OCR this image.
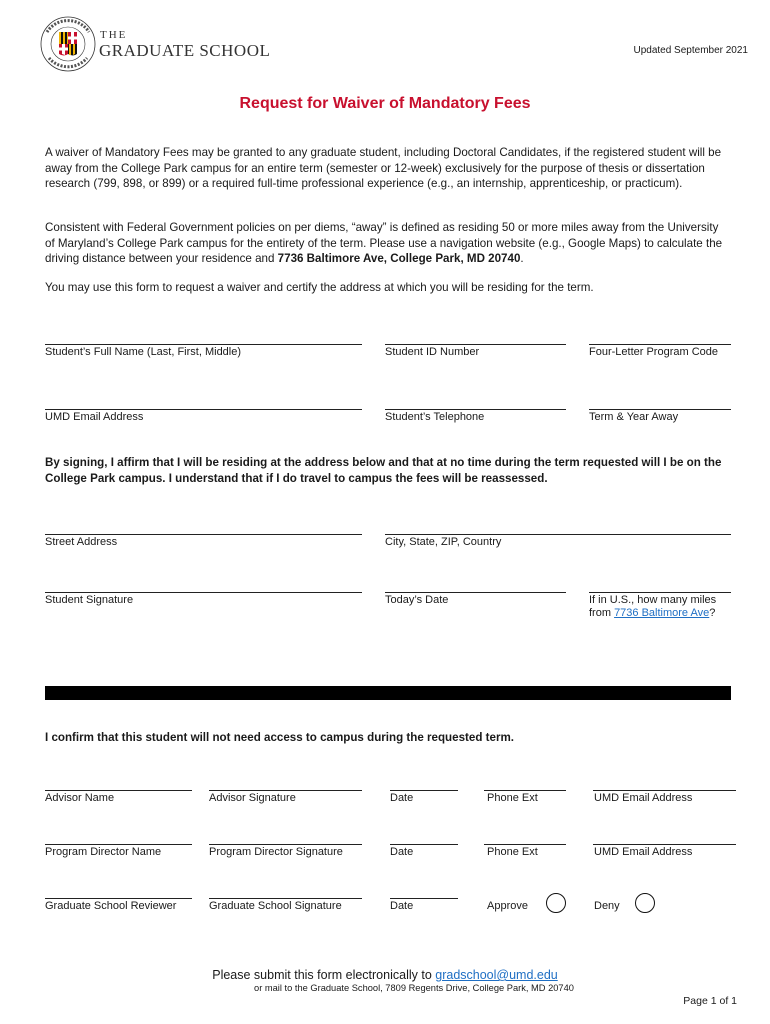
THE
GRADUATE SCHOOL	Updated September 2021
Request for Waiver of Mandatory Fees
A waiver of Mandatory Fees may be granted to any graduate student, including Doctoral Candidates, if the registered student will be away from the College Park campus for an entire term (semester or 12-week) exclusively for the purpose of thesis or dissertation research (799, 898, or 899) or a required full-time professional experience (e.g., an internship, apprenticeship, or practicum).
Consistent with Federal Government policies on per diems, “away” is defined as residing 50 or more miles away from the University of Maryland’s College Park campus for the entirety of the term. Please use a navigation website (e.g., Google Maps) to calculate the driving distance between your residence and 7736 Baltimore Ave, College Park, MD 20740.
You may use this form to request a waiver and certify the address at which you will be residing for the term.
Student’s Full Name (Last, First, Middle)	Student ID Number	Four-Letter Program Code
UMD Email Address	Student’s Telephone	Term & Year Away
By signing, I affirm that I will be residing at the address below and that at no time during the term requested will I be on the College Park campus. I understand that if I do travel to campus the fees will be reassessed.
Street Address	City, State, ZIP, Country
Student Signature	Today’s Date	If in U.S., how many miles from 7736 Baltimore Ave?
I confirm that this student will not need access to campus during the requested term.
Advisor Name	Advisor Signature	Date	Phone Ext	UMD Email Address
Program Director Name	Program Director Signature	Date	Phone Ext	UMD Email Address
Graduate School Reviewer	Graduate School Signature	Date	Approve	Deny
Please submit this form electronically to gradschool@umd.edu
or mail to the Graduate School, 7809 Regents Drive, College Park, MD 20740
Page 1 of 1
